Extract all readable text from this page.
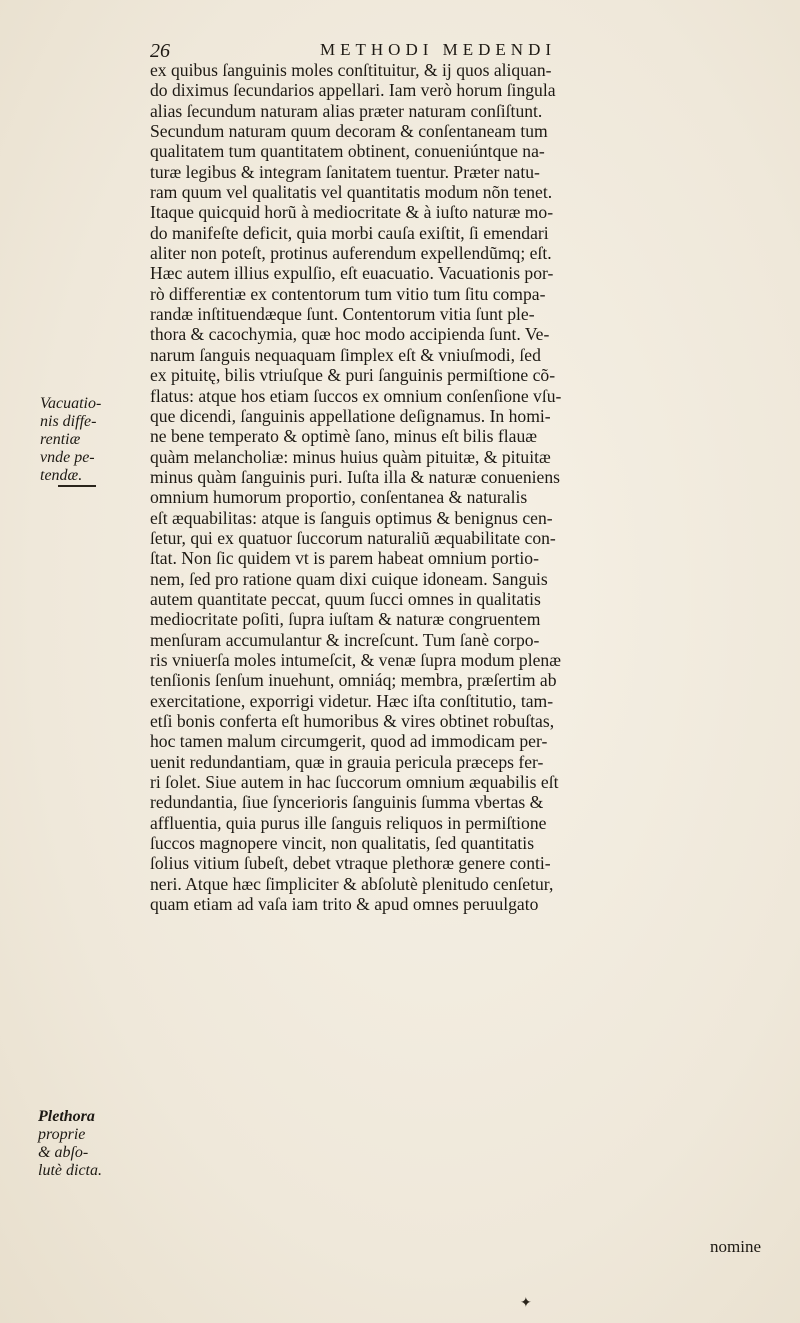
26	METHODI MEDENDI
ex quibus ſanguinis moles conſtituitur, & ij quos aliquan-
do diximus ſecundarios appellari. Iam verò horum ſingula
alias ſecundum naturam alias præter naturam conſiſtunt.
Secundum naturam quum decoram & conſentaneam tum
qualitatem tum quantitatem obtinent, conueniúntque na-
turæ legibus & integram ſanitatem tuentur. Præter natu-
ram quum vel qualitatis vel quantitatis modum nõn tenet.
Itaque quicquid horũ à mediocritate & à iuſto naturæ mo-
do manifeſte deficit, quia morbi cauſa exiſtit, ſi emendari
aliter non poteſt, protinus auferendum expellendũmq; eſt.
Hæc autem illius expulſio, eſt euacuatio. Vacuationis por-
rò differentiæ ex contentorum tum vitio tum ſitu compa-
randæ inſtituendæque ſunt. Contentorum vitia ſunt ple-
thora & cacochymia, quæ hoc modo accipienda ſunt. Ve-
narum ſanguis nequaquam ſimplex eſt & vniuſmodi, ſed
ex pituitę, bilis vtriuſque & puri ſanguinis permiſtione cõ-
flatus: atque hos etiam ſuccos ex omnium conſenſione vſu-
que dicendi, ſanguinis appellatione deſignamus. In homi-
ne bene temperato & optimè ſano, minus eſt bilis flauæ
quàm melancholiæ: minus huius quàm pituitæ, & pituitæ
minus quàm ſanguinis puri. Iuſta illa & naturæ conueniens
omnium humorum proportio, conſentanea & naturalis
eſt æquabilitas: atque is ſanguis optimus & benignus cen-
ſetur, qui ex quatuor ſuccorum naturaliũ æquabilitate con-
ſtat. Non ſic quidem vt is parem habeat omnium portio-
nem, ſed pro ratione quam dixi cuique idoneam. Sanguis
autem quantitate peccat, quum ſucci omnes in qualitatis
mediocritate poſiti, ſupra iuſtam & naturæ congruentem
menſuram accumulantur & increſcunt. Tum ſanè corpo-
ris vniuerſa moles intumeſcit, & venæ ſupra modum plenæ
tenſionis ſenſum inuehunt, omniáq; membra, præſertim ab
exercitatione, exporrigi videtur. Hæc iſta conſtitutio, tam-
etſi bonis conferta eſt humoribus & vires obtinet robuſtas,
hoc tamen malum circumgerit, quod ad immodicam per-
uenit redundantiam, quæ in grauia pericula præceps fer-
ri ſolet. Siue autem in hac ſuccorum omnium æquabilis eſt
redundantia, ſiue ſyncerioris ſanguinis ſumma vbertas &
affluentia, quia purus ille ſanguis reliquos in permiſtione
ſuccos magnopere vincit, non qualitatis, ſed quantitatis
ſolius vitium ſubeſt, debet vtraque plethoræ genere conti-
neri. Atque hæc ſimpliciter & abſolutè plenitudo cenſetur,
quam etiam ad vaſa iam trito & apud omnes peruulgato
nomine
Vacuatio-
nis diffe-
rentiæ
vnde pe-
tendæ.
Plethora
proprie
& abſo-
lutè dicta.
✦
